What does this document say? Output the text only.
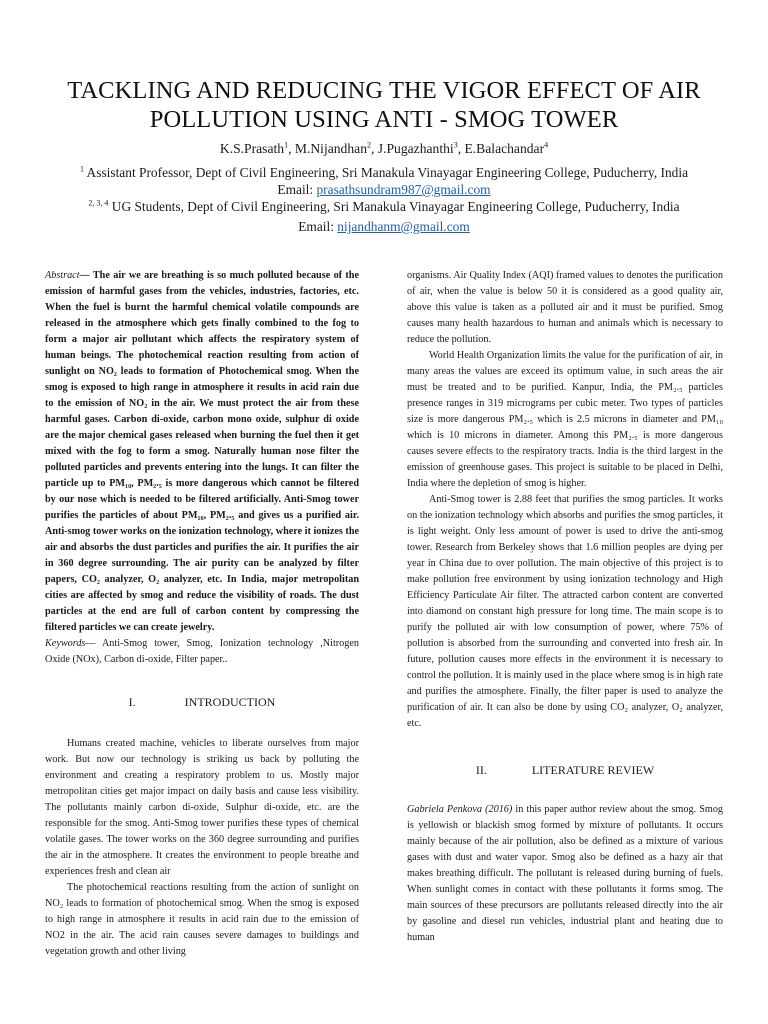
TACKLING AND REDUCING THE VIGOR EFFECT OF AIR
POLLUTION USING ANTI - SMOG TOWER
K.S.Prasath$^1$, M.Nijandhan$^2$, J.Pugazhanthi$^3$, E.Balachandar$^4$
$^1$ Assistant Professor, Dept of Civil Engineering, Sri Manakula Vinayagar Engineering College, Puducherry, India
Email: prasathsundram987@gmail.com
$^{2, 3, 4}$ UG Students, Dept of Civil Engineering, Sri Manakula Vinayagar Engineering College, Puducherry, India
Email: nijandhanm@gmail.com

Abstract— The air we are breathing is so much polluted because of the emission of harmful gases from the vehicles, industries, factories, etc. When the fuel is burnt the harmful chemical volatile compounds are released in the atmosphere which gets finally combined to the fog to form a major air pollutant which affects the respiratory system of human beings. The photochemical reaction resulting from action of sunlight on NO₂ leads to formation of Photochemical smog. When the smog is exposed to high range in atmosphere it results in acid rain due to the emission of NO₂ in the air. We must protect the air from these harmful gases. Carbon di-oxide, carbon mono oxide, sulphur di oxide are the major chemical gases released when burning the fuel then it get mixed with the fog to form a smog. Naturally human nose filter the polluted particles and prevents entering into the lungs. It can filter the particle up to PM₁₀, PM₂.₅ is more dangerous which cannot be filtered by our nose which is needed to be filtered artificially. Anti-Smog tower purifies the particles of about PM₁₀, PM₂.₅ and gives us a purified air. Anti-smog tower works on the ionization technology, where it ionizes the air and absorbs the dust particles and purifies the air. It purifies the air in 360 degree surrounding. The air purity can be analyzed by filter papers, CO₂ analyzer, O₂ analyzer, etc. In India, major metropolitan cities are affected by smog and reduce the visibility of roads. The dust particles at the end are full of carbon content by compressing the filtered particles we can create jewelry.

Keywords— Anti-Smog tower, Smog, Ionization technology ,Nitrogen Oxide (NOx), Carbon di-oxide, Filter paper..

I.	INTRODUCTION

Humans created machine, vehicles to liberate ourselves from major work. But now our technology is striking us back by polluting the environment and creating a respiratory problem to us. Mostly major metropolitan cities get major impact on daily basis and cause less visibility. The pollutants mainly carbon di-oxide, Sulphur di-oxide, etc. are the responsible for the smog. Anti-Smog tower purifies these types of chemical volatile gases. The tower works on the 360 degree surrounding and purifies the air in the atmosphere. It creates the environment to people breathe and experiences fresh and clean air

The photochemical reactions resulting from the action of sunlight on NO₂ leads to formation of photochemical smog. When the smog is exposed to high range in atmosphere it results in acid rain due to the emission of NO2 in the air. The acid rain causes severe damages to buildings and vegetation growth and other living

organisms. Air Quality Index (AQI) framed values to denotes the purification of air, when the value is below 50 it is considered as a good quality air, above this value is taken as a polluted air and it must be purified. Smog causes many health hazardous to human and animals which is necessary to reduce the pollution.

World Health Organization limits the value for the purification of air, in many areas the values are exceed its optimum value, in such areas the air must be treated and to be purified. Kanpur, India, the PM₂.₅ particles presence ranges in 319 micrograms per cubic meter. Two types of particles size is more dangerous PM₂.₅ which is 2.5 microns in diameter and PM₁₀ which is 10 microns in diameter. Among this PM₂.₅ is more dangerous causes severe effects to the respiratory tracts. India is the third largest in the emission of greenhouse gases. This project is suitable to be placed in Delhi, India where the depletion of smog is higher.

Anti-Smog tower is 2.88 feet that purifies the smog particles. It works on the ionization technology which absorbs and purifies the smog particles, it is light weight. Only less amount of power is used to drive the anti-smog tower. Research from Berkeley shows that 1.6 million peoples are dying per year in China due to over pollution. The main objective of this project is to make pollution free environment by using ionization technology and High Efficiency Particulate Air filter. The attracted carbon content are converted into diamond on constant high pressure for long time. The main scope is to purify the polluted air with low consumption of power, where 75% of pollution is absorbed from the surrounding and converted into fresh air. In future, pollution causes more effects in the environment it is necessary to control the pollution. It is mainly used in the place where smog is in high rate and purifies the atmosphere. Finally, the filter paper is used to analyze the purification of air. It can also be done by using CO₂ analyzer, O₂ analyzer, etc.

II.	LITERATURE REVIEW

Gabriela Penkova (2016) in this paper author review about the smog. Smog is yellowish or blackish smog formed by mixture of pollutants. It occurs mainly because of the air pollution, also be defined as a mixture of various gases with dust and water vapor. Smog also be defined as a hazy air that makes breathing difficult. The pollutant is released during burning of fuels. When sunlight comes in contact with these pollutants it forms smog. The main sources of these precursors are pollutants released directly into the air by gasoline and diesel run vehicles, industrial plant and heating due to human
